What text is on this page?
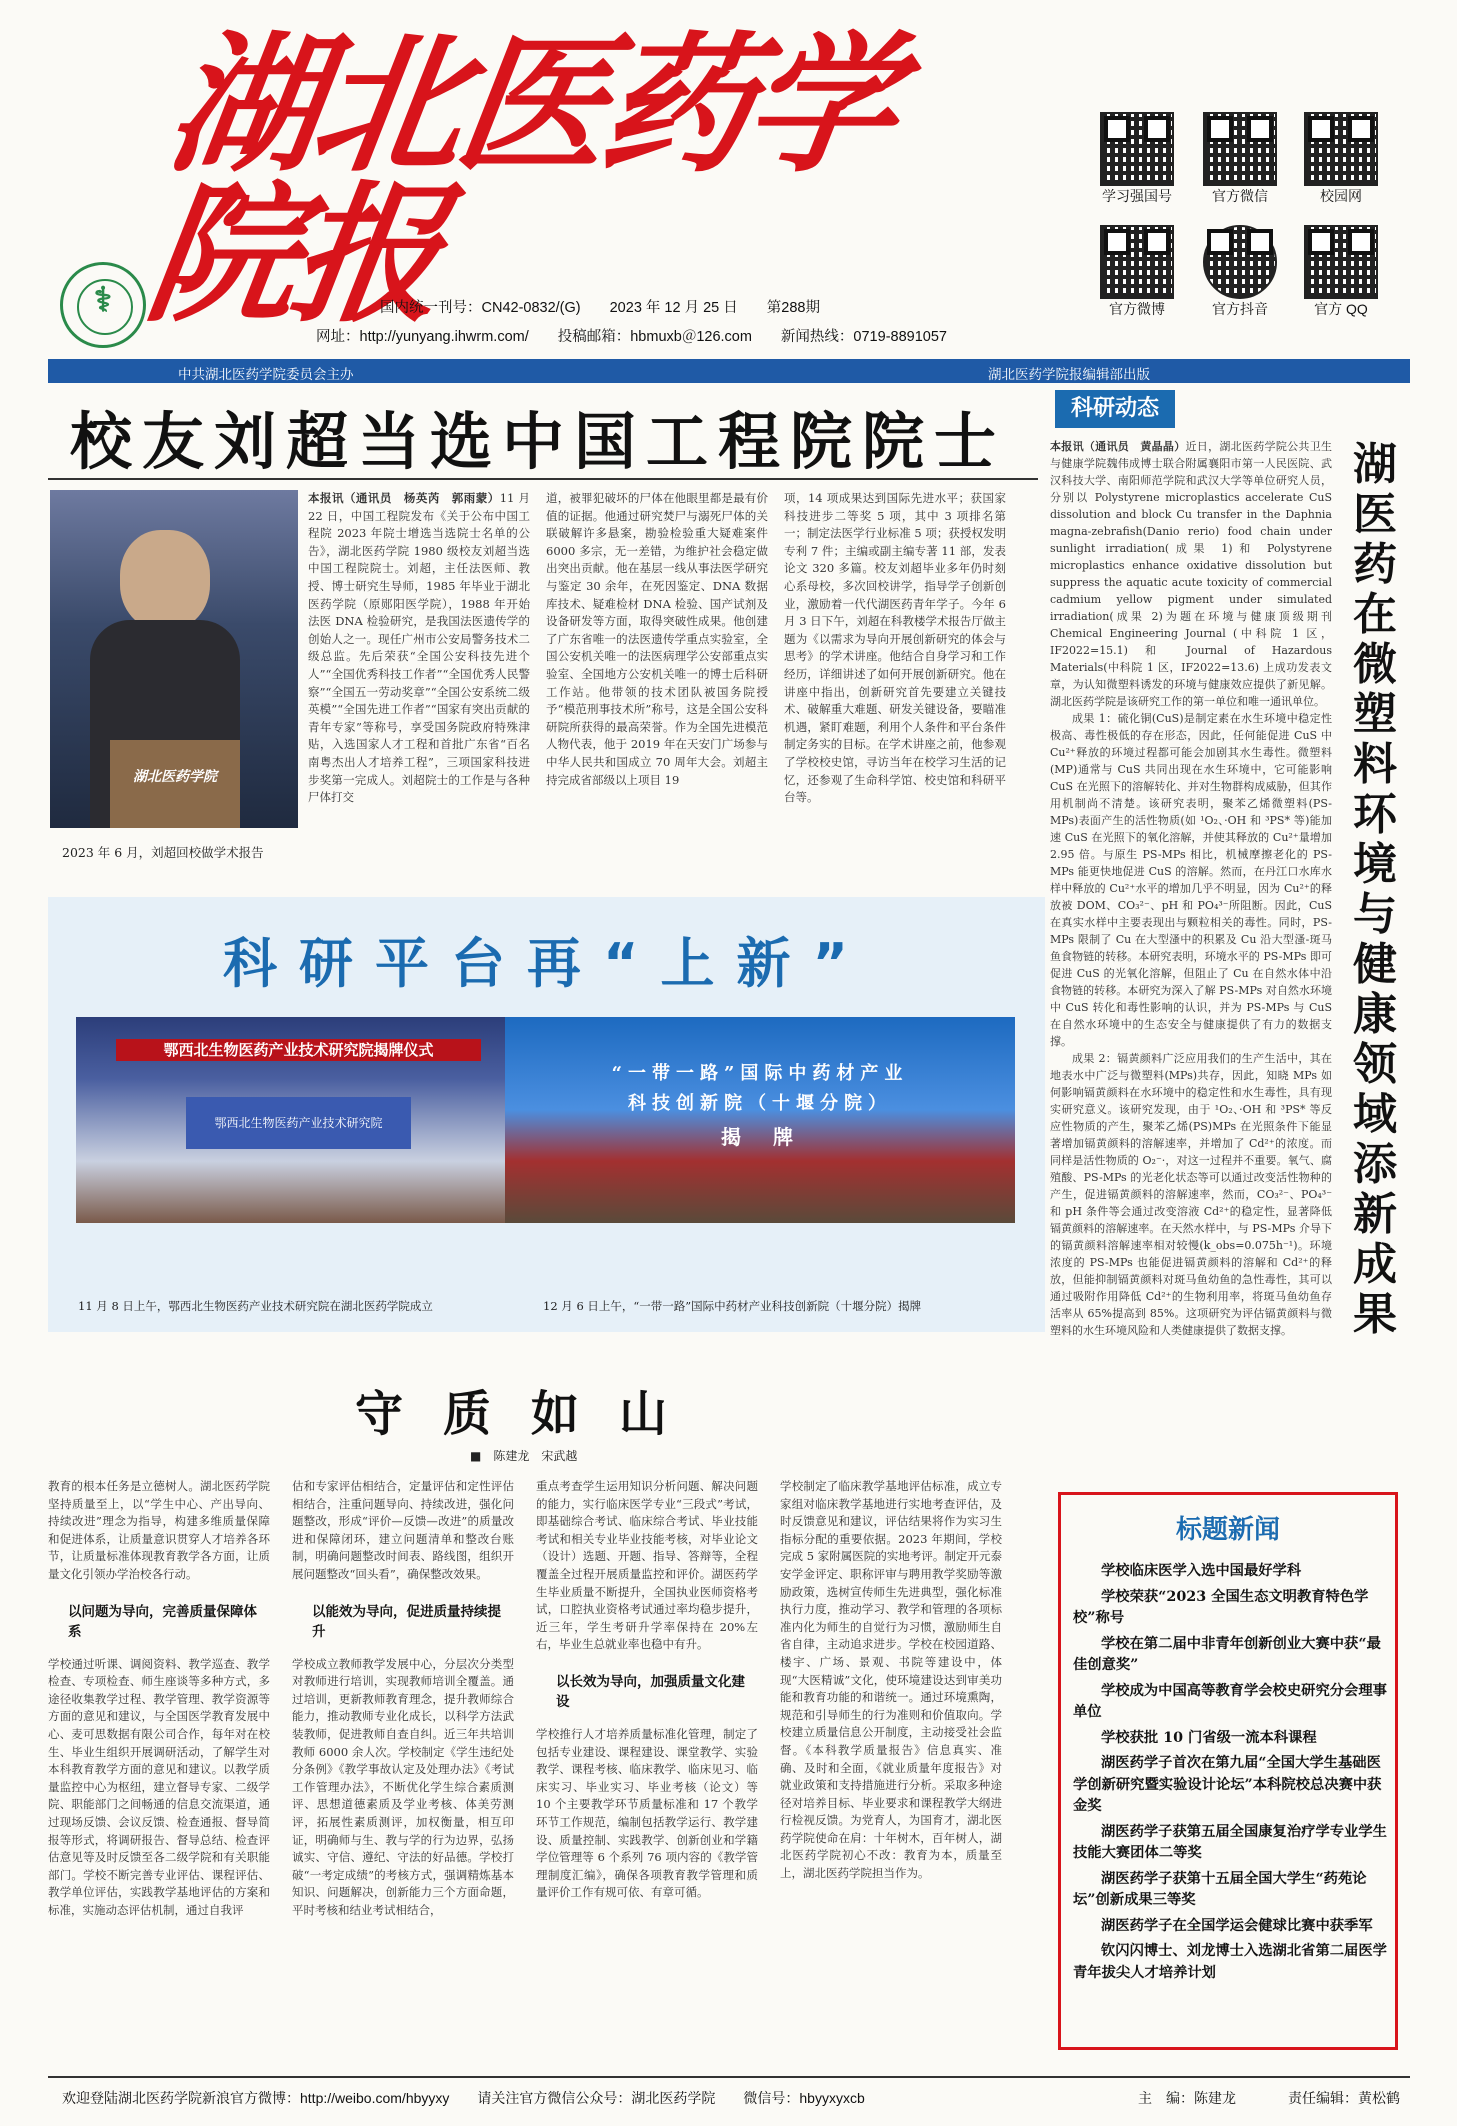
湖北医药学院报
⚕	国内统一刊号：CN42-0832/(G)　　2023 年 12 月 25 日　　第288期
网址：http://yunyang.ihwrm.com/　　投稿邮箱：hbmuxb＠126.com　　新闻热线：0719-8891057
学习强国号	官方微信	校园网
官方微博	官方抖音	官方 QQ
中共湖北医药学院委员会主办	湖北医药学院报编辑部出版
校友刘超当选中国工程院院士
湖北医药学院
2023 年 6 月，刘超回校做学术报告
本报讯（通讯员　杨英芮　郭雨蒙）11 月 22 日，中国工程院发布《关于公布中国工程院 2023 年院士增选当选院士名单的公告》，湖北医药学院 1980 级校友刘超当选中国工程院院士。刘超，主任法医师、教授、博士研究生导师，1985 年毕业于湖北医药学院（原郧阳医学院），1988 年开始法医 DNA 检验研究，是我国法医遗传学的创始人之一。现任广州市公安局警务技术二级总监。先后荣获“全国公安科技先进个人”“全国优秀科技工作者”“全国优秀人民警察”“全国五一劳动奖章”“全国公安系统二级英模”“全国先进工作者”“国家有突出贡献的青年专家”等称号，享受国务院政府特殊津贴，入选国家人才工程和首批广东省“百名南粤杰出人才培养工程”，三项国家科技进步奖第一完成人。刘超院士的工作是与各种尸体打交
道，被罪犯破坏的尸体在他眼里都是最有价值的证据。他通过研究焚尸与溺死尸体的关联破解许多悬案，勘验检验重大疑难案件 6000 多宗，无一差错，为维护社会稳定做出突出贡献。他在基层一线从事法医学研究与鉴定 30 余年，在死因鉴定、DNA 数据库技术、疑难检材 DNA 检验、国产试剂及设备研发等方面，取得突破性成果。他创建了广东省唯一的法医遗传学重点实验室，全国公安机关唯一的法医病理学公安部重点实验室、全国地方公安机关唯一的博士后科研工作站。他带领的技术团队被国务院授予“模范刑事技术所”称号，这是全国公安科研院所获得的最高荣誉。作为全国先进模范人物代表，他于 2019 年在天安门广场参与中华人民共和国成立 70 周年大会。刘超主持完成省部级以上项目 19
项，14 项成果达到国际先进水平；获国家科技进步二等奖 5 项，其中 3 项排名第一；制定法医学行业标准 5 项；获授权发明专利 7 件；主编或副主编专著 11 部，发表论文 320 多篇。校友刘超毕业多年仍时刻心系母校，多次回校讲学，指导学子创新创业，激励着一代代湖医药青年学子。今年 6 月 3 日下午，刘超在科教楼学术报告厅做主题为《以需求为导向开展创新研究的体会与思考》的学术讲座。他结合自身学习和工作经历，详细讲述了如何开展创新研究。他在讲座中指出，创新研究首先要建立关键技术、破解重大难题、研发关键设备，要瞄准机遇，紧盯难题，利用个人条件和平台条件制定务实的目标。在学术讲座之前，他参观了学校校史馆，寻访当年在校学习生活的记忆，还参观了生命科学馆、校史馆和科研平台等。
科研平台再“上新”
鄂西北生物医药产业技术研究院揭牌仪式
鄂西北生物医药产业技术研究院
“一带一路”国际中药材产业
科技创新院（十堰分院）
揭　牌
11 月 8 日上午，鄂西北生物医药产业技术研究院在湖北医药学院成立	12 月 6 日上午，“一带一路”国际中药材产业科技创新院（十堰分院）揭牌
守质如山
■　陈建龙　宋武越
教育的根本任务是立德树人。湖北医药学院坚持质量至上，以“学生中心、产出导向、持续改进”理念为指导，构建多维质量保障和促进体系，让质量意识贯穿人才培养各环节，让质量标准体现教育教学各方面，让质量文化引领办学治校各行动。
以问题为导向，完善质量保障体系
学校通过听课、调阅资料、教学巡查、教学检查、专项检查、师生座谈等多种方式，多途径收集教学过程、教学管理、教学资源等方面的意见和建议，与全国医学教育发展中心、麦可思数据有限公司合作，每年对在校生、毕业生组织开展调研活动，了解学生对本科教育教学方面的意见和建议。以教学质量监控中心为枢纽，建立督导专家、二级学院、职能部门之间畅通的信息交流渠道，通过现场反馈、会议反馈、检查通报、督导简报等形式，将调研报告、督导总结、检查评估意见等及时反馈至各二级学院和有关职能部门。学校不断完善专业评估、课程评估、教学单位评估，实践教学基地评估的方案和标准，实施动态评估机制，通过自我评
估和专家评估相结合，定量评估和定性评估相结合，注重问题导向、持续改进，强化问题整改，形成“评价—反馈—改进”的质量改进和保障闭环，建立问题清单和整改台账制，明确问题整改时间表、路线图，组织开展问题整改“回头看”，确保整改效果。
以能效为导向，促进质量持续提升
学校成立教师教学发展中心，分层次分类型对教师进行培训，实现教师培训全覆盖。通过培训，更新教师教育理念，提升教师综合能力，推动教师专业化成长，以科学方法武装教师，促进教师自查自纠。近三年共培训教师 6000 余人次。学校制定《学生违纪处分条例》《教学事故认定及处理办法》《考试工作管理办法》，不断优化学生综合素质测评、思想道德素质及学业考核、体美劳测评，拓展性素质测评，加权衡量，相互印证，明确师与生、教与学的行为边界，弘扬诚实、守信、遵纪、守法的好品德。学校打破“一考定成绩”的考核方式，强调精炼基本知识、问题解决，创新能力三个方面命题，平时考核和结业考试相结合，
重点考查学生运用知识分析问题、解决问题的能力，实行临床医学专业“三段式”考试，即基础综合考试、临床综合考试、毕业技能考试和相关专业毕业技能考核，对毕业论文（设计）选题、开题、指导、答辩等，全程覆盖全过程开展质量监控和评价。湖医药学生毕业质量不断提升，全国执业医师资格考试，口腔执业资格考试通过率均稳步提升，近三年，学生考研升学率保持在 20%左右，毕业生总就业率也稳中有升。
以长效为导向，加强质量文化建设
学校推行人才培养质量标准化管理，制定了包括专业建设、课程建设、课堂教学、实验教学、课程考核、临床教学、临床见习、临床实习、毕业实习、毕业考核（论文）等 10 个主要教学环节质量标准和 17 个教学环节工作规范，编制包括教学运行、教学建设、质量控制、实践教学、创新创业和学籍学位管理等 6 个系列 76 项内容的《教学管理制度汇编》，确保各项教育教学管理和质量评价工作有规可依、有章可循。
学校制定了临床教学基地评估标准，成立专家组对临床教学基地进行实地考查评估，及时反馈意见和建议，评估结果将作为实习生指标分配的重要依据。2023 年期间，学校完成 5 家附属医院的实地考评。制定开元泰安学金评定、职称评审与聘用教学奖励等激励政策，选树宣传师生先进典型，强化标准执行力度，推动学习、教学和管理的各项标准内化为师生的自觉行为习惯，激励师生自省自律，主动追求进步。学校在校园道路、楼宇、广场、景观、书院等建设中，体现“大医精诚”文化，使环境建设达到审美功能和教育功能的和谐统一。通过环境熏陶，规范和引导师生的行为准则和价值取向。学校建立质量信息公开制度，主动接受社会监督。《本科教学质量报告》信息真实、准确、及时和全面，《就业质量年度报告》对就业政策和支持措施进行分析。采取多种途径对培养目标、毕业要求和课程教学大纲进行检视反馈。为党育人，为国育才，湖北医药学院使命在肩：十年树木，百年树人，湖北医药学院初心不改：教育为本，质量至上，湖北医药学院担当作为。
科研动态
湖医药在微塑料环境与健康领域添新成果
本报讯（通讯员　黄晶晶）近日，湖北医药学院公共卫生与健康学院魏伟成博士联合附属襄阳市第一人民医院、武汉科技大学、南阳师范学院和武汉大学等单位研究人员，分别以 Polystyrene microplastics accelerate CuS dissolution and block Cu transfer in the Daphnia magna-zebrafish(Danio rerio) food chain under sunlight irradiation(成果 1)和 Polystyrene microplastics enhance oxidative dissolution but suppress the aquatic acute toxicity of commercial cadmium yellow pigment under simulated irradiation(成果 2)为题在环境与健康顶级期刊 Chemical Engineering Journal (中科院 1 区，IF2022=15.1) 和 Journal of Hazardous Materials(中科院 1 区，IF2022=13.6) 上成功发表文章，为认知微塑料诱发的环境与健康效应提供了新见解。湖北医药学院是该研究工作的第一单位和唯一通讯单位。
成果 1：硫化铜(CuS)是制定素在水生环境中稳定性极高、毒性极低的存在形态，因此，任何能促进 CuS 中 Cu²⁺释放的环境过程都可能会加剧其水生毒性。微塑料(MP)通常与 CuS 共同出现在水生环境中，它可能影响 CuS 在光照下的溶解转化、并对生物群构成威胁，但其作用机制尚不清楚。该研究表明，聚苯乙烯微塑料(PS-MPs)表面产生的活性物质(如 ¹O₂、·OH 和 ³PS* 等)能加速 CuS 在光照下的氧化溶解，并使其释放的 Cu²⁺量增加 2.95 倍。与原生 PS-MPs 相比，机械摩擦老化的 PS-MPs 能更快地促进 CuS 的溶解。然而，在丹江口水库水样中释放的 Cu²⁺水平的增加几乎不明显，因为 Cu²⁺的释放被 DOM、CO₃²⁻、pH 和 PO₄³⁻所阻断。因此，CuS 在真实水样中主要表现出与颗粒相关的毒性。同时，PS-MPs 限制了 Cu 在大型溞中的积累及 Cu 沿大型溞-斑马鱼食物链的转移。本研究表明，环境水平的 PS-MPs 即可促进 CuS 的光氧化溶解，但阻止了 Cu 在自然水体中沿食物链的转移。本研究为深入了解 PS-MPs 对自然水环境中 CuS 转化和毒性影响的认识，并为 PS-MPs 与 CuS 在自然水环境中的生态安全与健康提供了有力的数据支撑。
成果 2：镉黄颜料广泛应用我们的生产生活中，其在地表水中广泛与微塑料(MPs)共存，因此，知晓 MPs 如何影响镉黄颜料在水环境中的稳定性和水生毒性，具有现实研究意义。该研究发现，由于 ¹O₂、·OH 和 ³PS* 等反应性物质的产生，聚苯乙烯(PS)MPs 在光照条件下能显著增加镉黄颜料的溶解速率，并增加了 Cd²⁺的浓度。而同样是活性物质的 O₂⁻·，对这一过程并不重要。氧气、腐殖酸、PS-MPs 的光老化状态等可以通过改变活性物种的产生，促进镉黄颜料的溶解速率，然而，CO₃²⁻、PO₄³⁻和 pH 条件等会通过改变溶液 Cd²⁺的稳定性，显著降低镉黄颜料的溶解速率。在天然水样中，与 PS-MPs 介导下的镉黄颜料溶解速率相对较慢(k_obs=0.075h⁻¹)。环境浓度的 PS-MPs 也能促进镉黄颜料的溶解和 Cd²⁺的释放，但能抑制镉黄颜料对斑马鱼幼鱼的急性毒性，其可以通过吸附作用降低 Cd²⁺的生物利用率，将斑马鱼幼鱼存活率从 65%提高到 85%。这项研究为评估镉黄颜料与微塑料的水生环境风险和人类健康提供了数据支撑。
标题新闻
学校临床医学入选中国最好学科
学校荣获“2023 全国生态文明教育特色学校”称号
学校在第二届中非青年创新创业大赛中获“最佳创意奖”
学校成为中国高等教育学会校史研究分会理事单位
学校获批 10 门省级一流本科课程
湖医药学子首次在第九届“全国大学生基础医学创新研究暨实验设计论坛”本科院校总决赛中获金奖
湖医药学子获第五届全国康复治疗学专业学生技能大赛团体二等奖
湖医药学子获第十五届全国大学生“药苑论坛”创新成果三等奖
湖医药学子在全国学运会健球比赛中获季军
钦闪闪博士、刘龙博士入选湖北省第二届医学青年拔尖人才培养计划
欢迎登陆湖北医药学院新浪官方微博：http://weibo.com/hbyyxy　　请关注官方微信公众号：湖北医药学院　　微信号：hbyyxyxcb	主　编：陈建龙	责任编辑：黄松鹤
